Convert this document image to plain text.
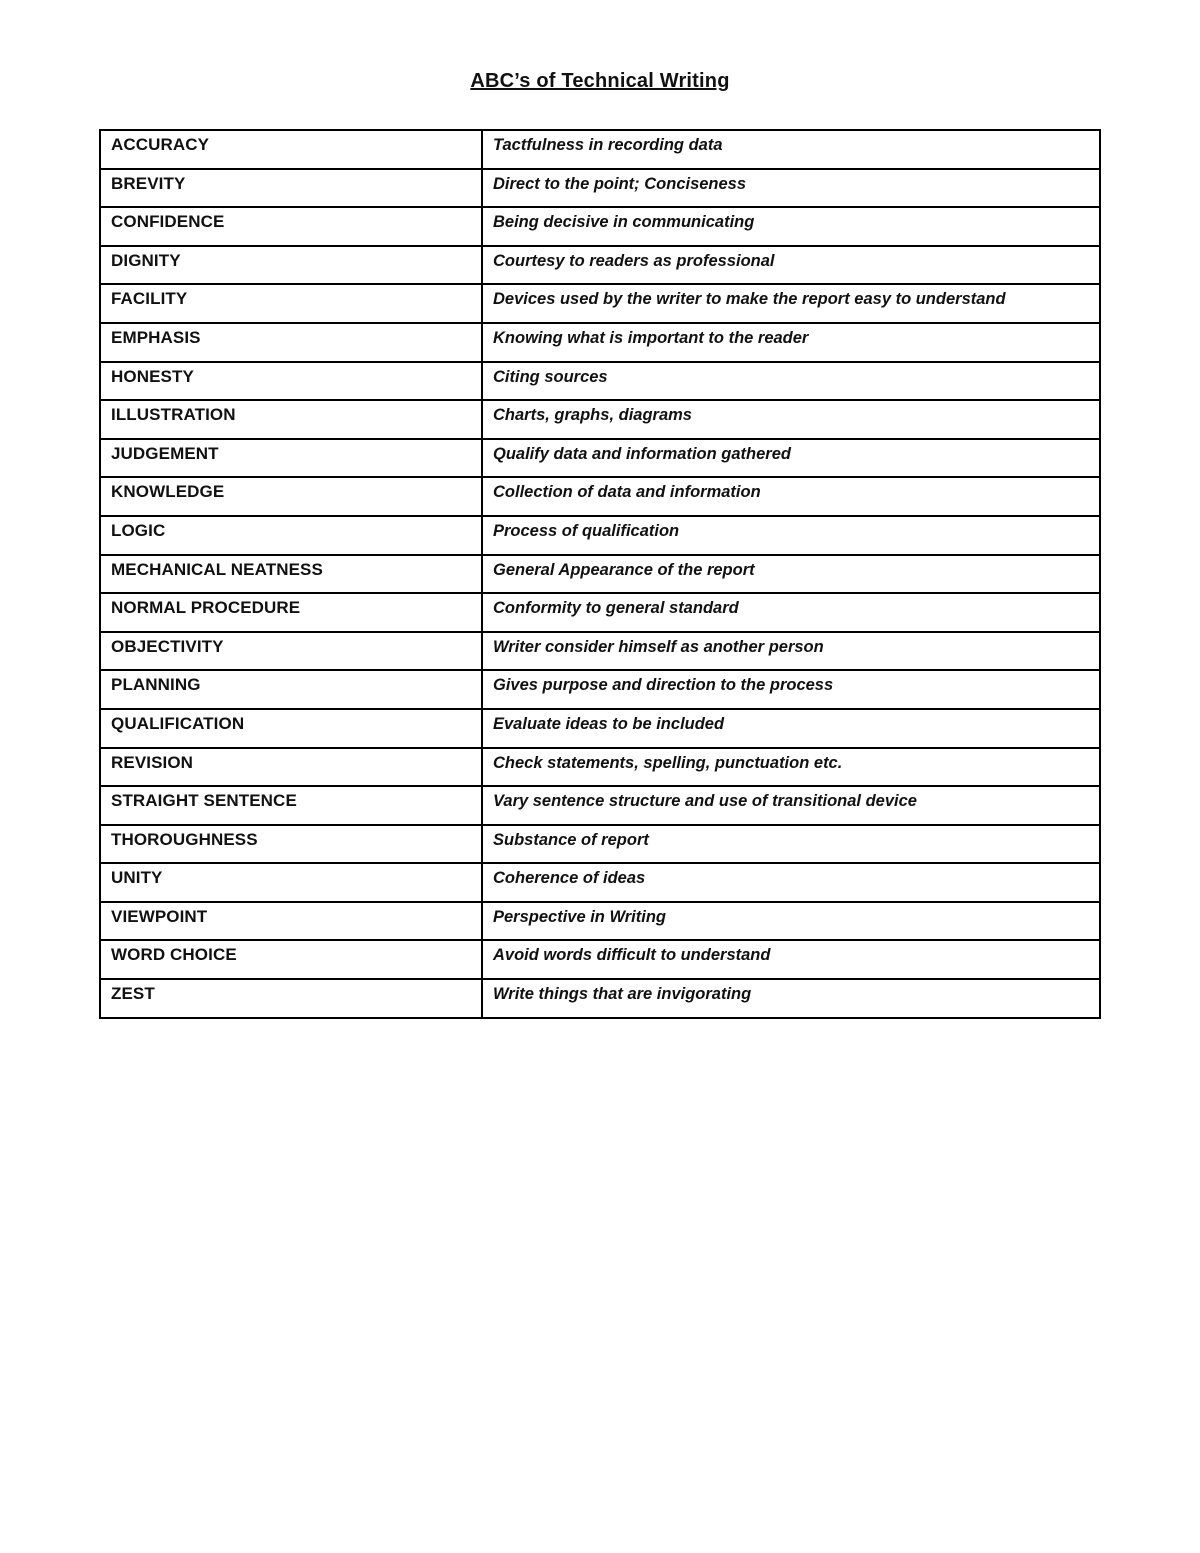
ABC’s of Technical Writing
ACCURACY	Tactfulness in recording data
BREVITY	Direct to the point; Conciseness
CONFIDENCE	Being decisive in communicating
DIGNITY	Courtesy to readers as professional
FACILITY	Devices used by the writer to make the report easy to understand
EMPHASIS	Knowing what is important to the reader
HONESTY	Citing sources
ILLUSTRATION	Charts, graphs, diagrams
JUDGEMENT	Qualify data and information gathered
KNOWLEDGE	Collection of data and information
LOGIC	Process of qualification
MECHANICAL NEATNESS	General Appearance of the report
NORMAL PROCEDURE	Conformity to general standard
OBJECTIVITY	Writer consider himself as another person
PLANNING	Gives purpose and direction to the process
QUALIFICATION	Evaluate ideas to be included
REVISION	Check statements, spelling, punctuation etc.
STRAIGHT SENTENCE	Vary sentence structure and use of transitional device
THOROUGHNESS	Substance of report
UNITY	Coherence of ideas
VIEWPOINT	Perspective in Writing
WORD CHOICE	Avoid words difficult to understand
ZEST	Write things that are invigorating
